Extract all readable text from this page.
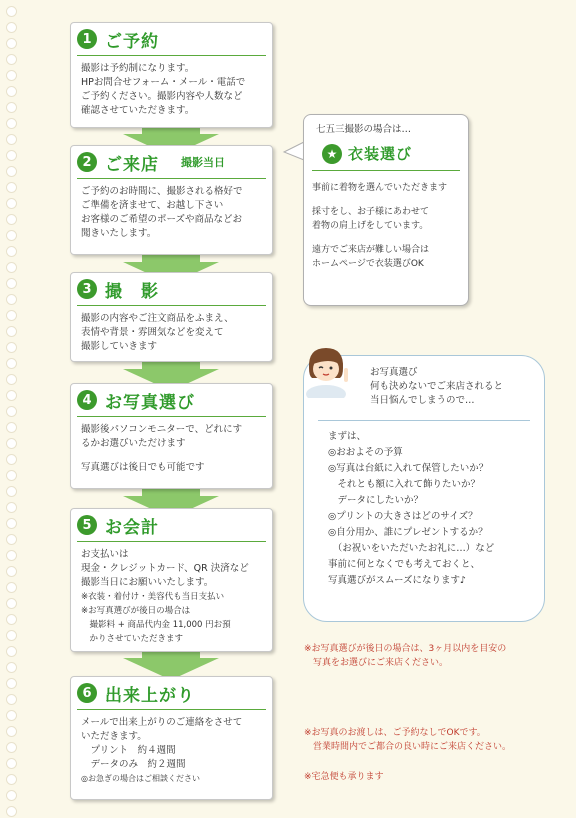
1 ご予約
撮影は予約制になります。
HPお問合せフォーム・メール・電話で
ご予約ください。撮影内容や人数など
確認させていただきます。
2 ご来店 撮影当日
ご予約のお時間に、撮影される格好で
ご準備を済ませて、お越し下さい
お客様のご希望のポーズや商品などお
聞きいたします。
3 撮　影
撮影の内容やご注文商品をふまえ、
表情や背景・雰囲気などを変えて
撮影していきます
4 お写真選び
撮影後パソコンモニターで、どれにす
るかお選びいただけます
写真選びは後日でも可能です
5 お会計
お支払いは
現金・クレジットカード、QR 決済など
撮影当日にお願いいたします。
※衣装・着付け・美容代も当日支払い
※お写真選びが後日の場合は
　撮影料 + 商品代内金 11,000 円お預
　かりさせていただきます
6 出来上がり
メールで出来上がりのご連絡をさせて
いただきます。
　プリント　約４週間
　データのみ　約２週間
◎お急ぎの場合はご相談ください
七五三撮影の場合は…
★ 衣装選び
事前に着物を選んでいただきます
採寸をし、お子様にあわせて
着物の肩上げをしています。
遠方でご来店が難しい場合は
ホームページで衣装選びOK
お写真選び
何も決めないでご来店されると
当日悩んでしまうので…
まずは、
◎おおよその予算
◎写真は台紙に入れて保管したいか？
　それとも額に入れて飾りたいか？
　データにしたいか？
◎プリントの大きさはどのサイズ？
◎自分用か、誰にプレゼントするか？
　（お祝いをいただいたお礼に…）など
事前に何となくでも考えておくと、
写真選びがスムーズになります♪
※お写真選びが後日の場合は、3ヶ月以内を目安の
　写真をお選びにご来店ください。
※お写真のお渡しは、ご予約なしでOKです。
　営業時間内でご都合の良い時にご来店ください。
※宅急便も承ります
